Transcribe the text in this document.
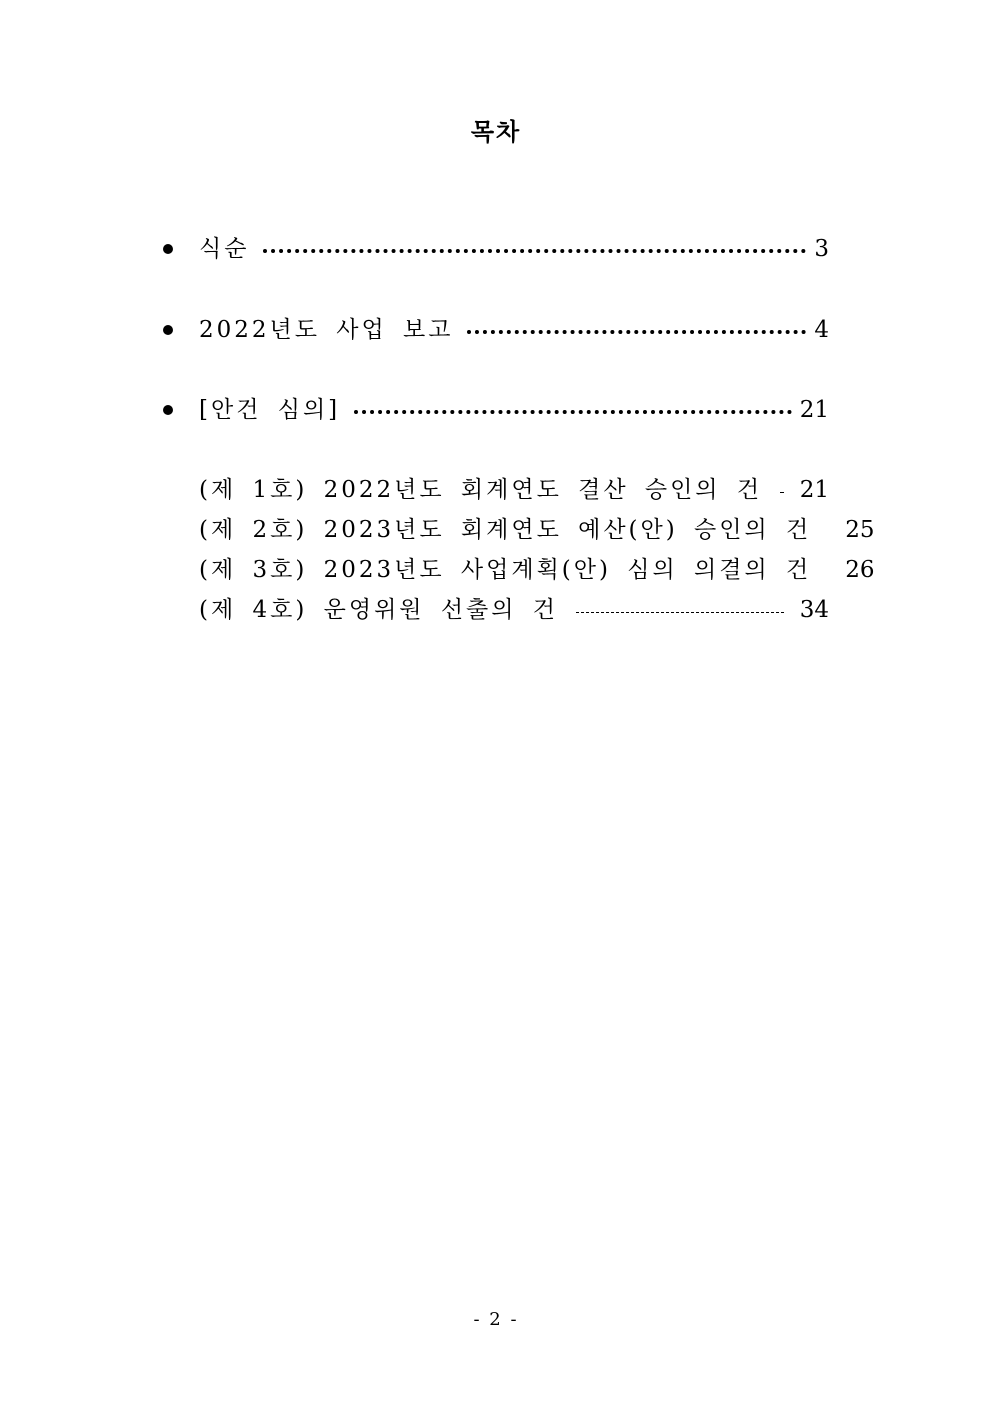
목차
식순	3
2022년도 사업 보고	4
[안건 심의]	21
(제 1호) 2022년도 회계연도 결산 승인의 건 21
(제 2호) 2023년도 회계연도 예산(안) 승인의 건 25
(제 3호) 2023년도 사업계획(안) 심의 의결의 건 26
(제 4호) 운영위원 선출의 건	34
- 2 -
